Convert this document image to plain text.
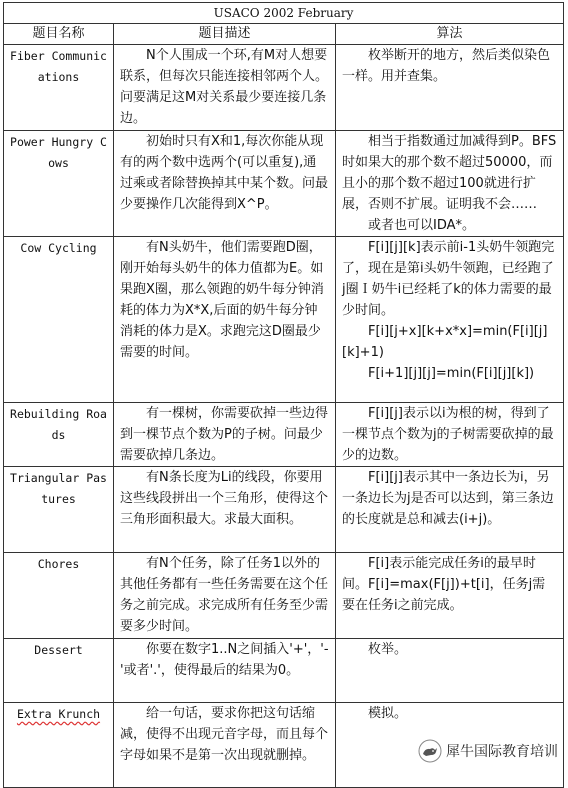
USACO 2002 February		
题目名称	题目描述	算法
Fiber Communications	N个人围成一个环,有M对人想要联系，但每次只能连接相邻两个人。问要满足这M对关系最少要连接几条边。	枚举断开的地方，然后类似染色一样。用并查集。

Power Hungry Cows	初始时只有X和1,每次你能从现有的两个数中选两个(可以重复),通过乘或者除替换掉其中某个数。问最少要操作几次能得到X^P。	相当于指数通过加减得到P。BFS时如果大的那个数不超过50000，而且小的那个数不超过100就进行扩展，否则不扩展。证明我不会……

或者也可以IDA*。

Cow Cycling	有N头奶牛，他们需要跑D圈，刚开始每头奶牛的体力值都为E。如果跑X圈，那么领跑的奶牛每分钟消耗的体力为X*X,后面的奶牛每分钟消耗的体力是X。求跑完这D圈最少需要的时间。	F[i][j][k]表示前i-1头奶牛领跑完了，现在是第i头奶牛领跑，已经跑了j圈Ｉ奶牛i已经耗了k的体力需要的最少时间。

F[i][j+x][k+x*x]=min(F[i][j][k]+1)

F[i+1][j][j]=min(F[i][j][k])

Rebuilding Roads	有一棵树，你需要砍掉一些边得到一棵节点个数为P的子树。问最少需要砍掉几条边。	F[i][j]表示以i为根的树，得到了一棵节点个数为j的子树需要砍掉的最少的边数。

Triangular Pastures	有N条长度为Li的线段，你要用这些线段拼出一个三角形，使得这个三角形面积最大。求最大面积。	F[i][j]表示其中一条边长为i，另一条边长为j是否可以达到，第三条边的长度就是总和减去(i+j)。

Chores	有N个任务，除了任务1以外的其他任务都有一些任务需要在这个任务之前完成。求完成所有任务至少需要多少时间。	F[i]表示能完成任务i的最早时间。F[i]=max(F[j])+t[i]，任务j需要在任务i之前完成。

Dessert	你要在数字1..N之间插入'+'，'-'或者'.'，使得最后的结果为0。	枚举。

Extra Krunch	给一句话，要求你把这句话缩减，使得不出现元音字母，而且每个字母如果不是第一次出现就删掉。	模拟。

犀牛国际教育培训
